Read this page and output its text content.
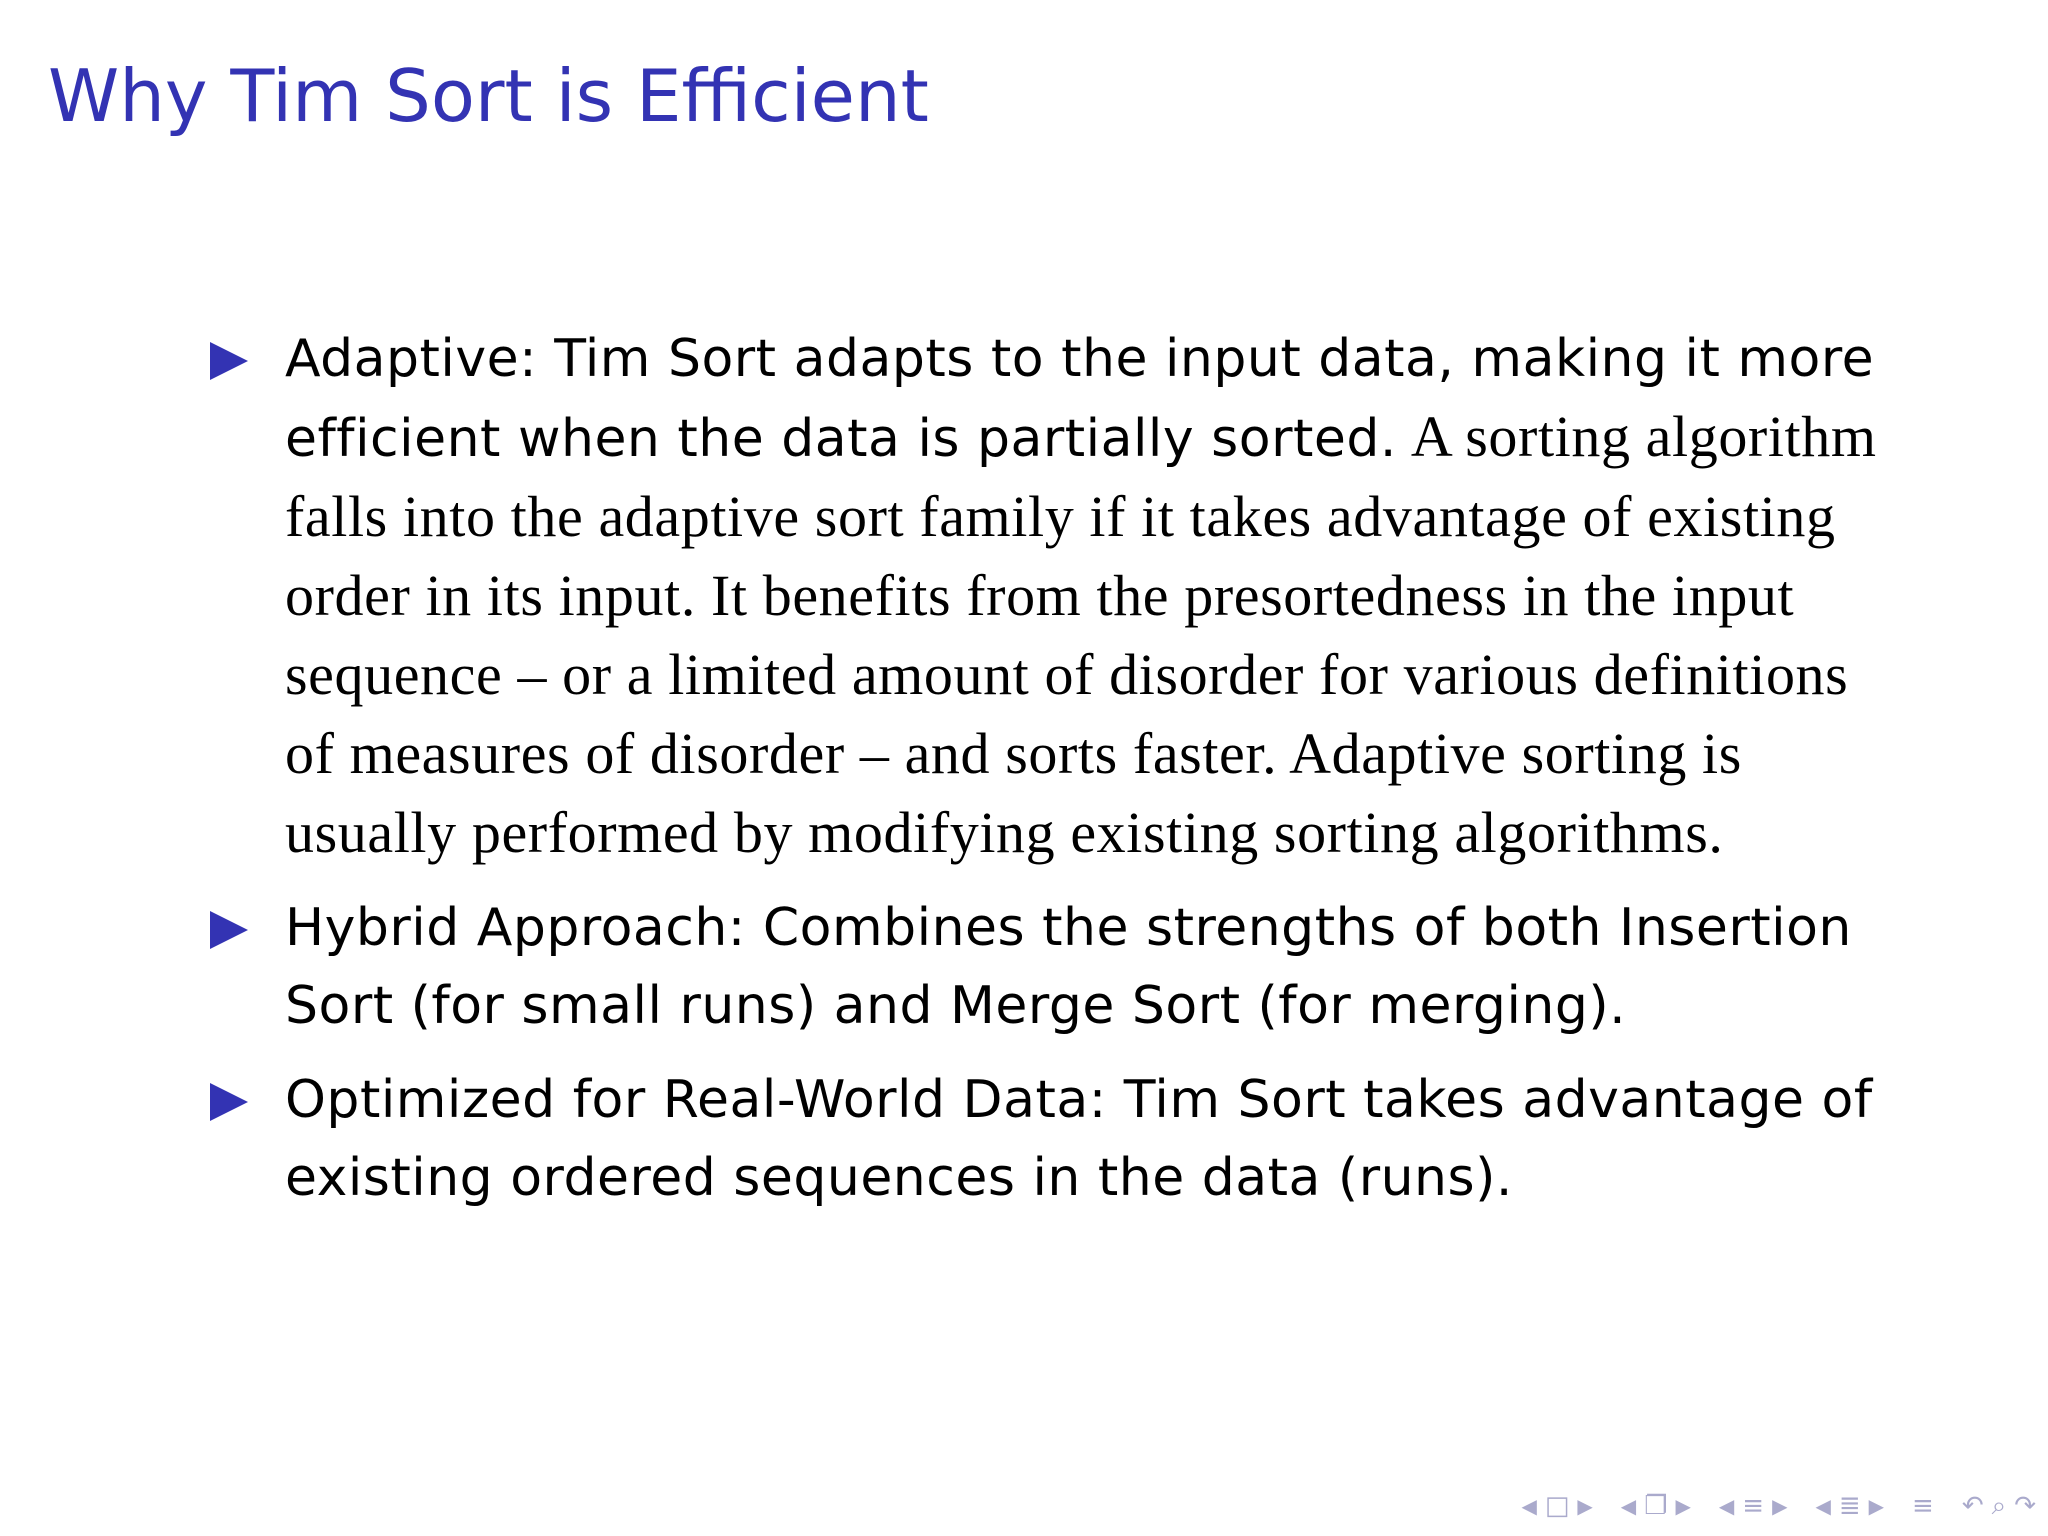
Why Tim Sort is Efficient
Adaptive: Tim Sort adapts to the input data, making it more efficient when the data is partially sorted. A sorting algorithm falls into the adaptive sort family if it takes advantage of existing order in its input. It benefits from the presortedness in the input sequence – or a limited amount of disorder for various definitions of measures of disorder – and sorts faster. Adaptive sorting is usually performed by modifying existing sorting algorithms.
Hybrid Approach: Combines the strengths of both Insertion Sort (for small runs) and Merge Sort (for merging).
Optimized for Real-World Data: Tim Sort takes advantage of existing ordered sequences in the data (runs).
◀ □ ▶ ◀ ❐ ▶ ◀ ≡ ▶ ◀ ≣ ▶ ≡ ↶ ⌕ ↷
